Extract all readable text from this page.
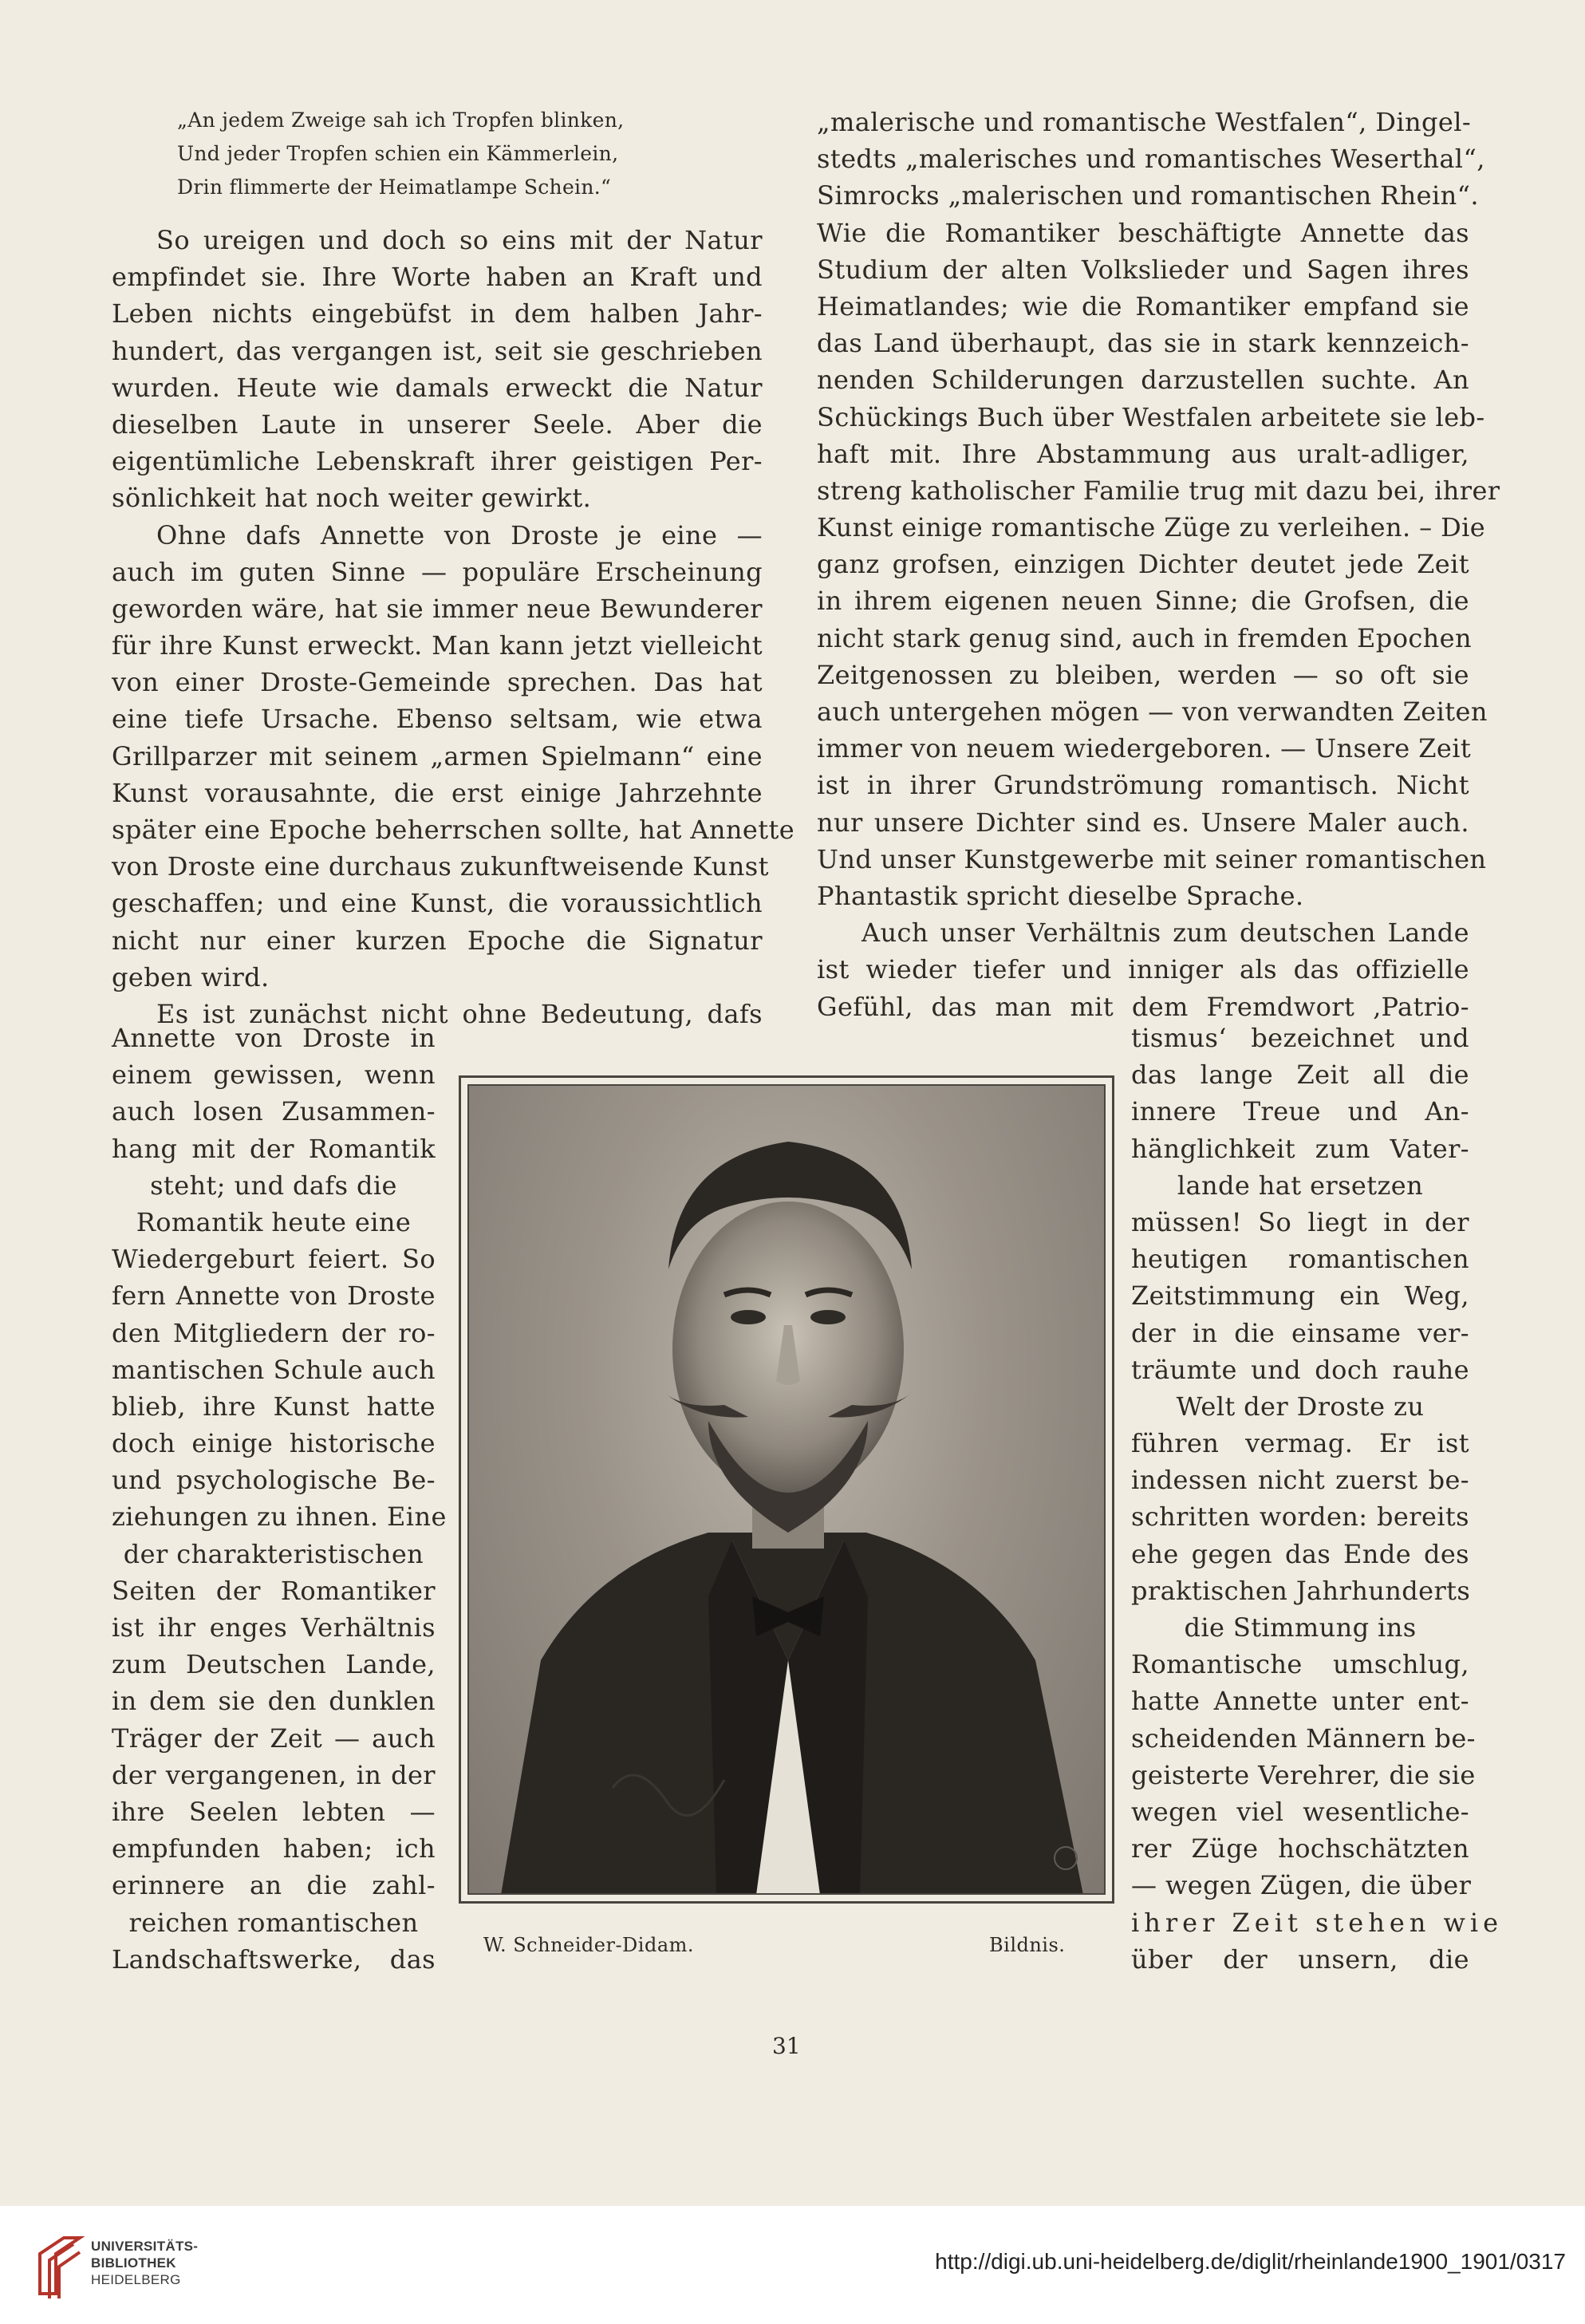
„An jedem Zweige sah ich Tropfen blinken,
Und jeder Tropfen schien ein Kämmerlein,
Drin flimmerte der Heimatlampe Schein.“
So ureigen und doch so eins mit der Natur
empfindet sie. Ihre Worte haben an Kraft und
Leben nichts eingebüfst in dem halben Jahr-
hundert, das vergangen ist, seit sie geschrieben
wurden. Heute wie damals erweckt die Natur
dieselben Laute in unserer Seele. Aber die
eigentümliche Lebenskraft ihrer geistigen Per-
sönlichkeit hat noch weiter gewirkt.
Ohne dafs Annette von Droste je eine —
auch im guten Sinne — populäre Erscheinung
geworden wäre, hat sie immer neue Bewunderer
für ihre Kunst erweckt. Man kann jetzt vielleicht
von einer Droste-Gemeinde sprechen. Das hat
eine tiefe Ursache. Ebenso seltsam, wie etwa
Grillparzer mit seinem „armen Spielmann“ eine
Kunst vorausahnte, die erst einige Jahrzehnte
später eine Epoche beherrschen sollte, hat Annette
von Droste eine durchaus zukunftweisende Kunst
geschaffen; und eine Kunst, die voraussichtlich
nicht nur einer kurzen Epoche die Signatur
geben wird.
Es ist zunächst nicht ohne Bedeutung, dafs
Annette von Droste in
einem gewissen, wenn
auch losen Zusammen-
hang mit der Romantik
steht; und dafs die
Romantik heute eine
Wiedergeburt feiert. So
fern Annette von Droste
den Mitgliedern der ro-
mantischen Schule auch
blieb, ihre Kunst hatte
doch einige historische
und psychologische Be-
ziehungen zu ihnen. Eine
der charakteristischen
Seiten der Romantiker
ist ihr enges Verhältnis
zum Deutschen Lande,
in dem sie den dunklen
Träger der Zeit — auch
der vergangenen, in der
ihre Seelen lebten —
empfunden haben; ich
erinnere an die zahl-
reichen romantischen
Landschaftswerke, das
„malerische und romantische Westfalen“, Dingel-
stedts „malerisches und romantisches Weserthal“,
Simrocks „malerischen und romantischen Rhein“.
Wie die Romantiker beschäftigte Annette das
Studium der alten Volkslieder und Sagen ihres
Heimatlandes; wie die Romantiker empfand sie
das Land überhaupt, das sie in stark kennzeich-
nenden Schilderungen darzustellen suchte. An
Schückings Buch über Westfalen arbeitete sie leb-
haft mit. Ihre Abstammung aus uralt-adliger,
streng katholischer Familie trug mit dazu bei, ihrer
Kunst einige romantische Züge zu verleihen. – Die
ganz grofsen, einzigen Dichter deutet jede Zeit
in ihrem eigenen neuen Sinne; die Grofsen, die
nicht stark genug sind, auch in fremden Epochen
Zeitgenossen zu bleiben, werden — so oft sie
auch untergehen mögen — von verwandten Zeiten
immer von neuem wiedergeboren. — Unsere Zeit
ist in ihrer Grundströmung romantisch. Nicht
nur unsere Dichter sind es. Unsere Maler auch.
Und unser Kunstgewerbe mit seiner romantischen
Phantastik spricht dieselbe Sprache.
Auch unser Verhältnis zum deutschen Lande
ist wieder tiefer und inniger als das offizielle
Gefühl, das man mit dem Fremdwort ‚Patrio-
tismus‘ bezeichnet und
das lange Zeit all die
innere Treue und An-
hänglichkeit zum Vater-
lande hat ersetzen
müssen! So liegt in der
heutigen romantischen
Zeitstimmung ein Weg,
der in die einsame ver-
träumte und doch rauhe
Welt der Droste zu
führen vermag. Er ist
indessen nicht zuerst be-
schritten worden: bereits
ehe gegen das Ende des
praktischen Jahrhunderts
die Stimmung ins
Romantische umschlug,
hatte Annette unter ent-
scheidenden Männern be-
geisterte Verehrer, die sie
wegen viel wesentliche-
rer Züge hochschätzten
— wegen Zügen, die über
ihrer Zeit stehen wie
über der unsern, die
W. Schneider-Didam.	Bildnis.
31
UNIVERSITÄTS-
BIBLIOTHEK
HEIDELBERG
http://digi.ub.uni-heidelberg.de/diglit/rheinlande1900_1901/0317
